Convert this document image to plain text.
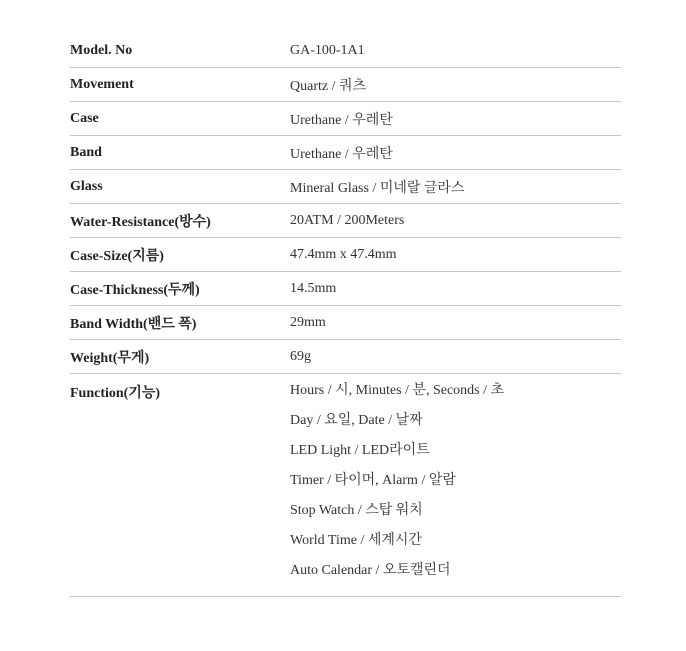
Model. No	GA-100-1A1
Movement	Quartz / 쿼츠
Case	Urethane / 우레탄
Band	Urethane / 우레탄
Glass	Mineral Glass / 미네랄 글라스
Water-Resistance(방수)	20ATM / 200Meters
Case-Size(지름)	47.4mm x 47.4mm
Case-Thickness(두께)	14.5mm
Band Width(밴드 폭)	29mm
Weight(무게)	69g
Function(기능)	Hours / 시, Minutes / 분, Seconds / 초
Day / 요일, Date / 날짜
LED Light / LED라이트
Timer / 타이머, Alarm / 알람
Stop Watch / 스탑 워치
World Time / 세계시간
Auto Calendar / 오토캘린더
